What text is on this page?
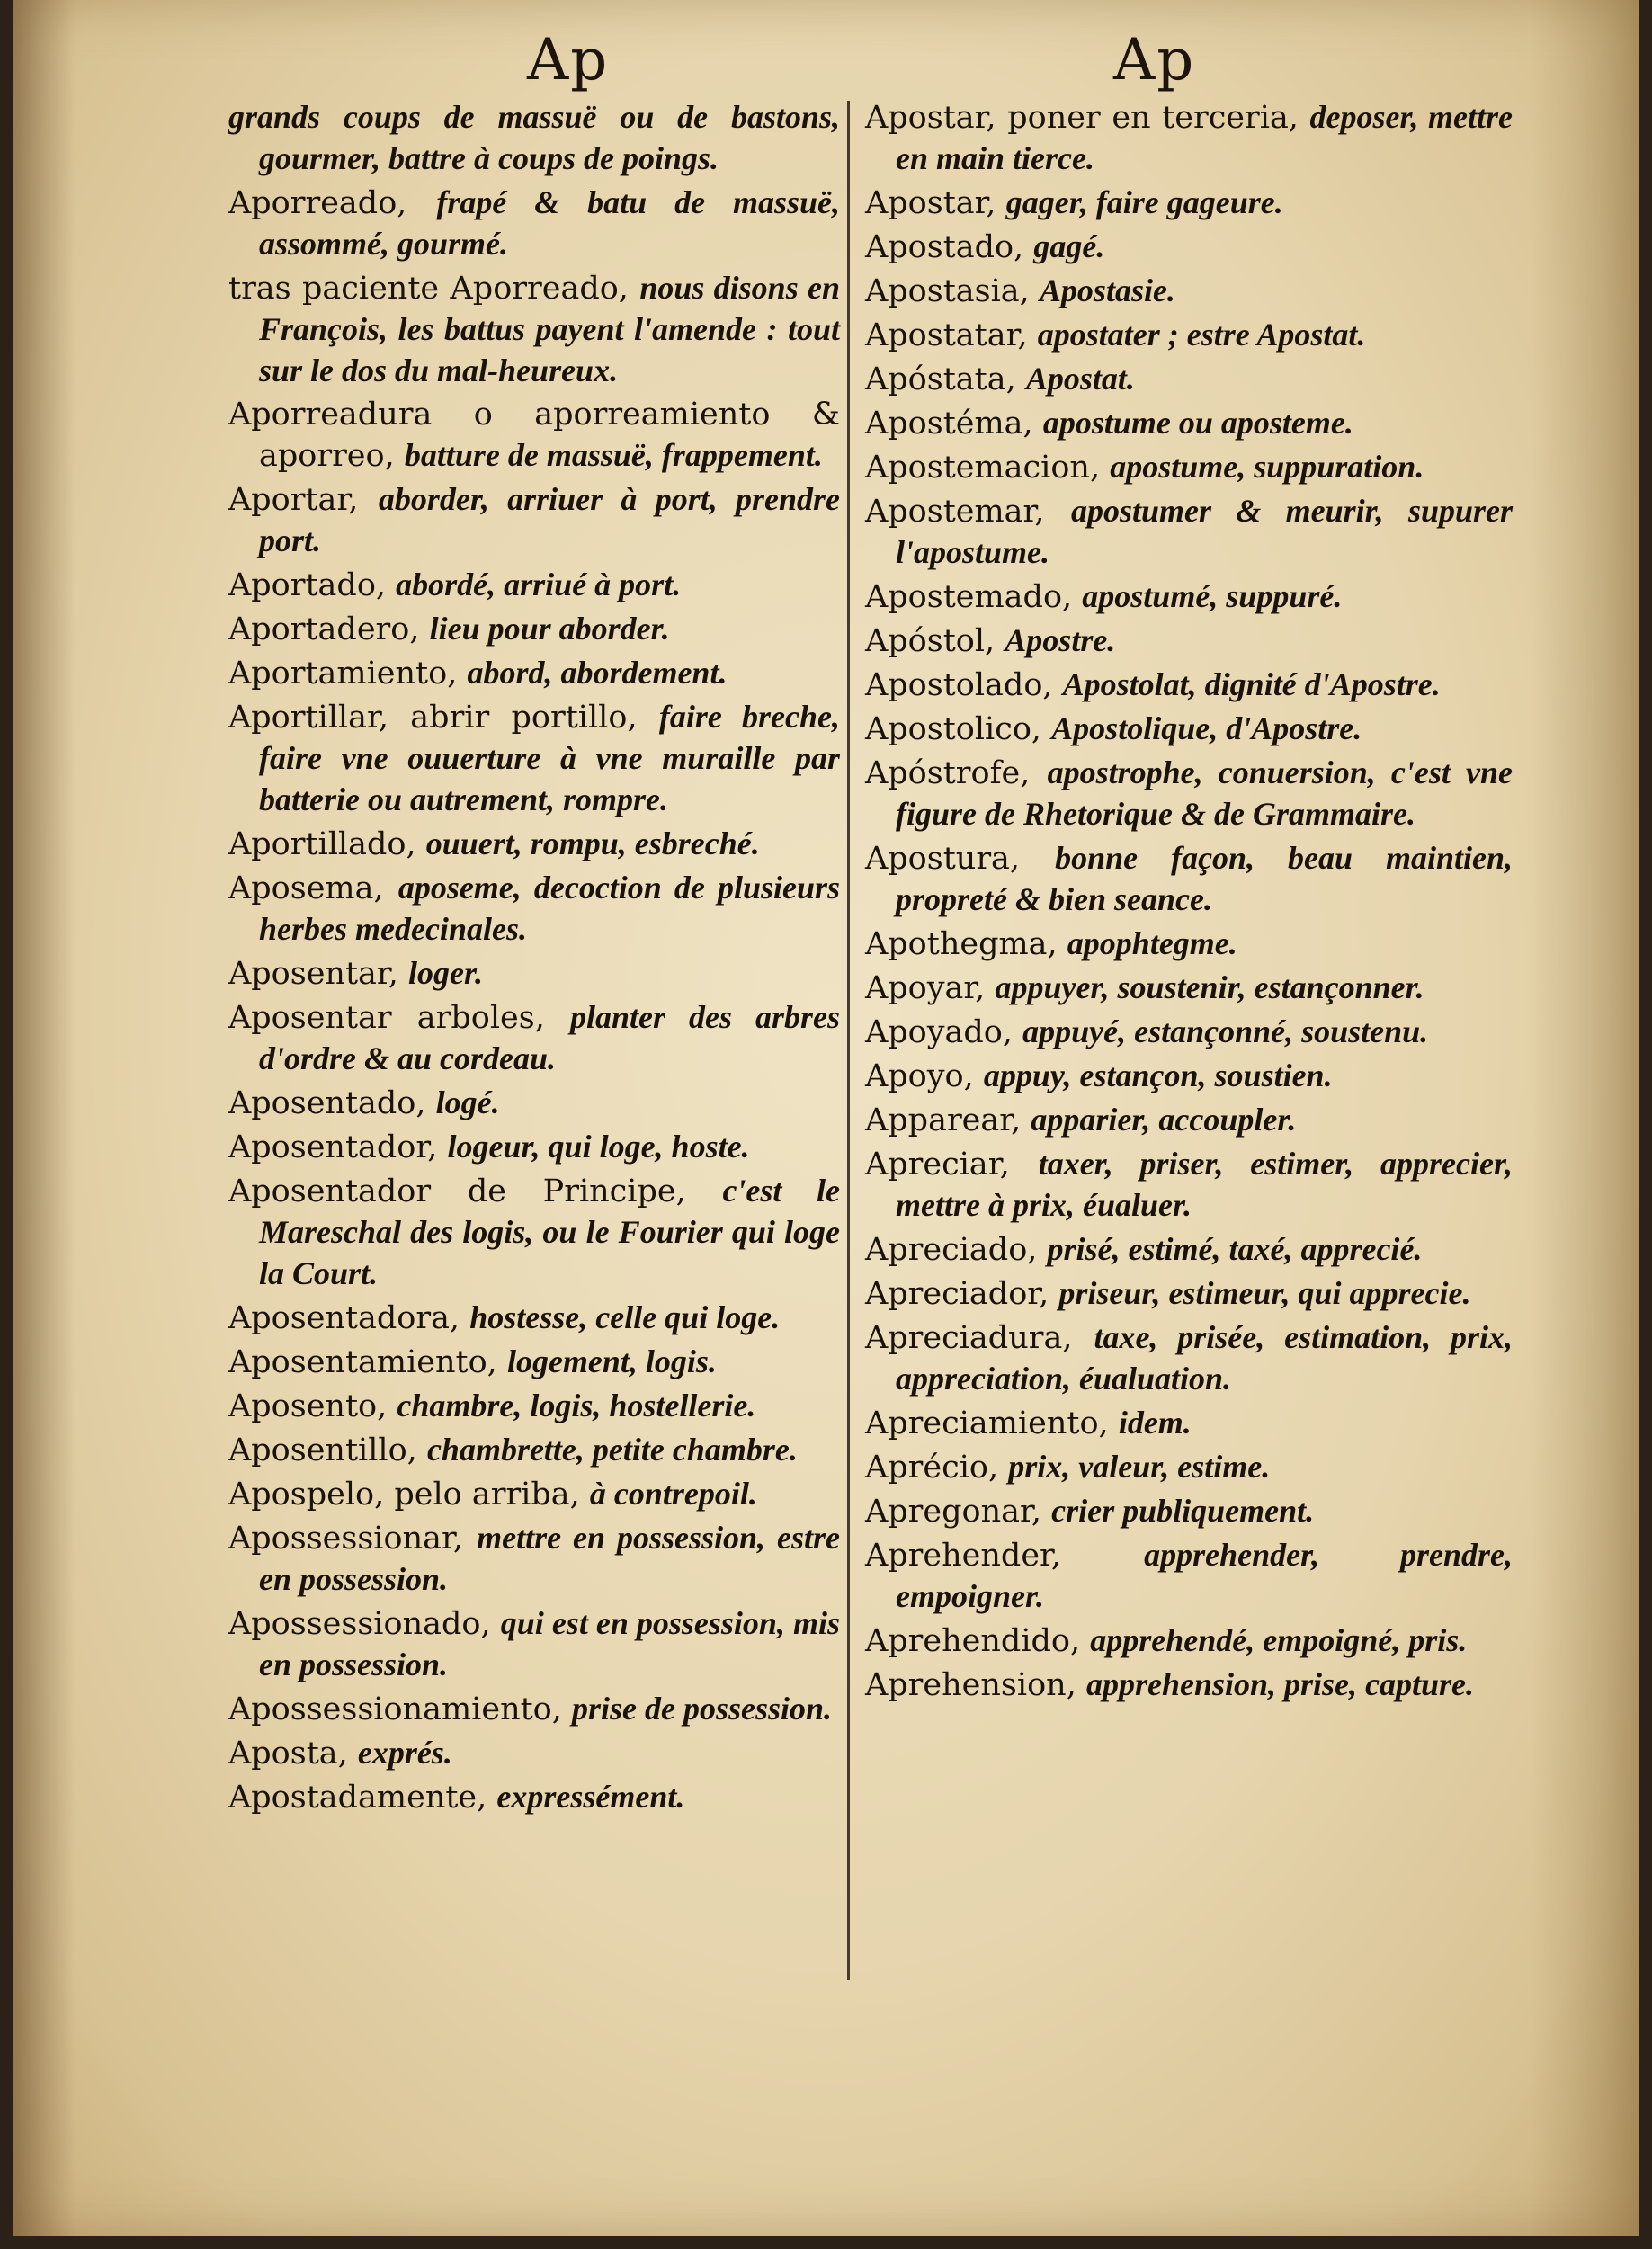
Ap	Ap
grands coups de massuë ou de bastons, gourmer, battre à coups de poings.
Aporreado, frapé & batu de massuë, assommé, gourmé.
tras paciente Aporreado, nous disons en François, les battus payent l'amende : tout sur le dos du mal-heureux.
Aporreadura o aporreamiento & aporreo, batture de massuë, frappement.
Aportar, aborder, arriuer à port, prendre port.
Aportado, abordé, arriué à port.
Aportadero, lieu pour aborder.
Aportamiento, abord, abordement.
Aportillar, abrir portillo, faire breche, faire vne ouuerture à vne muraille par batterie ou autrement, rompre.
Aportillado, ouuert, rompu, esbreché.
Aposema, aposeme, decoction de plusieurs herbes medecinales.
Aposentar, loger.
Aposentar arboles, planter des arbres d'ordre & au cordeau.
Aposentado, logé.
Aposentador, logeur, qui loge, hoste.
Aposentador de Principe, c'est le Mareschal des logis, ou le Fourier qui loge la Court.
Aposentadora, hostesse, celle qui loge.
Aposentamiento, logement, logis.
Aposento, chambre, logis, hostellerie.
Aposentillo, chambrette, petite chambre.
Apospelo, pelo arriba, à contrepoil.
Apossessionar, mettre en possession, estre en possession.
Apossessionado, qui est en possession, mis en possession.
Apossessionamiento, prise de possession.
Aposta, exprés.
Apostadamente, expressément.
Apostar, poner en terceria, deposer, mettre en main tierce.
Apostar, gager, faire gageure.
Apostado, gagé.
Apostasia, Apostasie.
Apostatar, apostater ; estre Apostat.
Apóstata, Apostat.
Apostéma, apostume ou aposteme.
Apostemacion, apostume, suppuration.
Apostemar, apostumer & meurir, supurer l'apostume.
Apostemado, apostumé, suppuré.
Apóstol, Apostre.
Apostolado, Apostolat, dignité d'Apostre.
Apostolico, Apostolique, d'Apostre.
Apóstrofe, apostrophe, conuersion, c'est vne figure de Rhetorique & de Grammaire.
Apostura, bonne façon, beau maintien, propreté & bien seance.
Apothegma, apophtegme.
Apoyar, appuyer, soustenir, estançonner.
Apoyado, appuyé, estançonné, soustenu.
Apoyo, appuy, estançon, soustien.
Apparear, apparier, accoupler.
Apreciar, taxer, priser, estimer, apprecier, mettre à prix, éualuer.
Apreciado, prisé, estimé, taxé, apprecié.
Apreciador, priseur, estimeur, qui apprecie.
Apreciadura, taxe, prisée, estimation, prix, appreciation, éualuation.
Apreciamiento, idem.
Aprécio, prix, valeur, estime.
Apregonar, crier publiquement.
Aprehender, apprehender, prendre, empoigner.
Aprehendido, apprehendé, empoigné, pris.
Aprehension, apprehension, prise, capture.
